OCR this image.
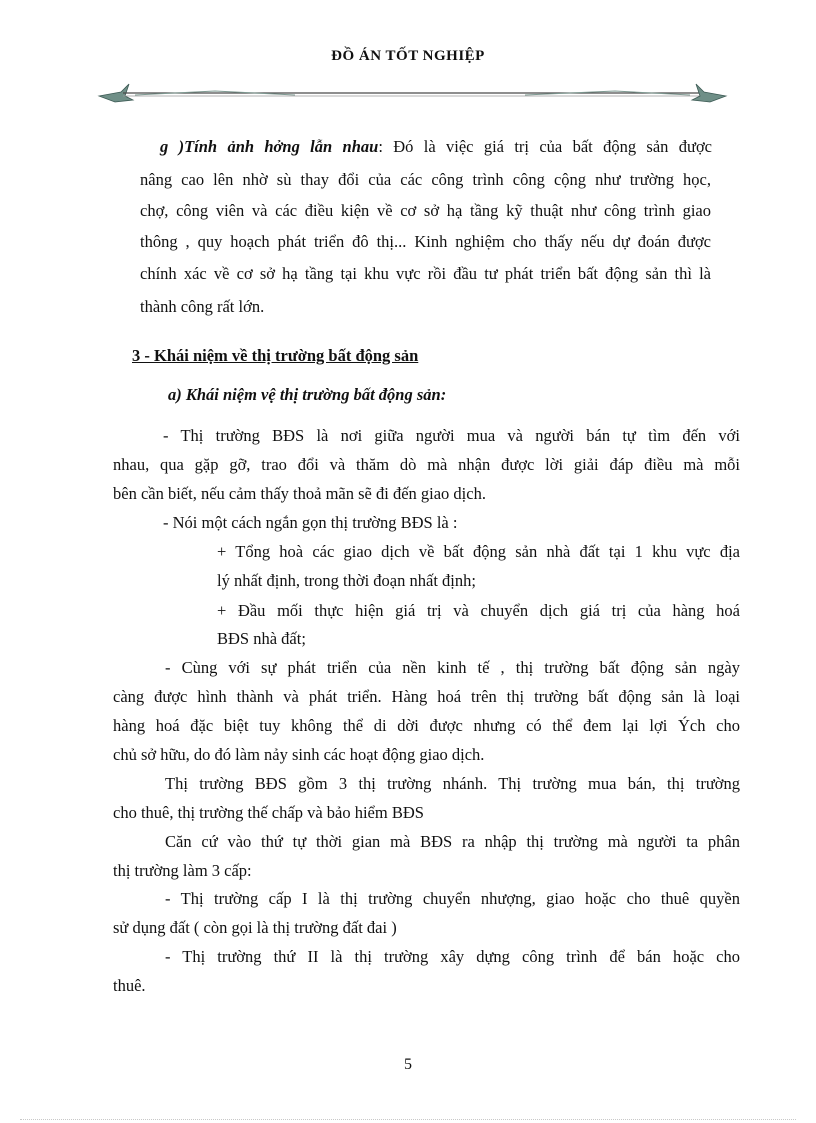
ĐỒ ÁN TỐT NGHIỆP
g )Tính ảnh hởng lẫn nhau: Đó là việc giá trị của bất động sản được
nâng cao lên nhờ sù thay đổi của các công trình công cộng như trường học,
chợ, công viên và các điều kiện về cơ sở hạ tầng kỹ thuật như công trình giao
thông , quy hoạch phát triển đô thị... Kinh nghiệm cho thấy nếu dự đoán được
chính xác về cơ sở hạ tầng tại khu vực rồi đầu tư phát triển bất động sản thì là
thành công rất lớn.
3 - Khái niệm về thị trường bất động sản
a) Khái niệm vệ thị trường bất động sản:
- Thị trường BĐS là nơi giữa người mua và người bán tự tìm đến với
nhau, qua gặp gỡ, trao đổi và thăm dò mà nhận được lời giải đáp điều mà mỗi
bên cần biết, nếu cảm thấy thoả mãn sẽ đi đến giao dịch.
- Nói một cách ngắn gọn thị trường BĐS là :
+ Tổng hoà các giao dịch về bất động sản nhà đất tại 1 khu vực địa
lý nhất định, trong thời đoạn nhất định;
+ Đầu mối thực hiện giá trị và chuyển dịch giá trị của hàng hoá
BĐS nhà đất;
- Cùng với sự phát triển của nền kinh tế , thị trường bất động sản ngày
càng được hình thành và phát triển. Hàng hoá trên thị trường bất động sản là loại
hàng hoá đặc biệt tuy không thể di dời được nhưng có thể đem lại lợi Ých cho
chủ sở hữu, do đó làm nảy sinh các hoạt động giao dịch.
Thị trường BĐS gồm 3 thị trường nhánh. Thị trường mua bán, thị trường
cho thuê, thị trường thế chấp và bảo hiểm BĐS
Căn cứ vào thứ tự thời gian mà BĐS ra nhập thị trường mà người ta phân
thị trường làm 3 cấp:
- Thị trường cấp I là thị trường chuyển nhượng, giao hoặc cho thuê quyền
sử dụng đất ( còn gọi là thị trường đất đai )
- Thị trường thứ II là thị trường xây dựng công trình để bán hoặc cho
thuê.
5
